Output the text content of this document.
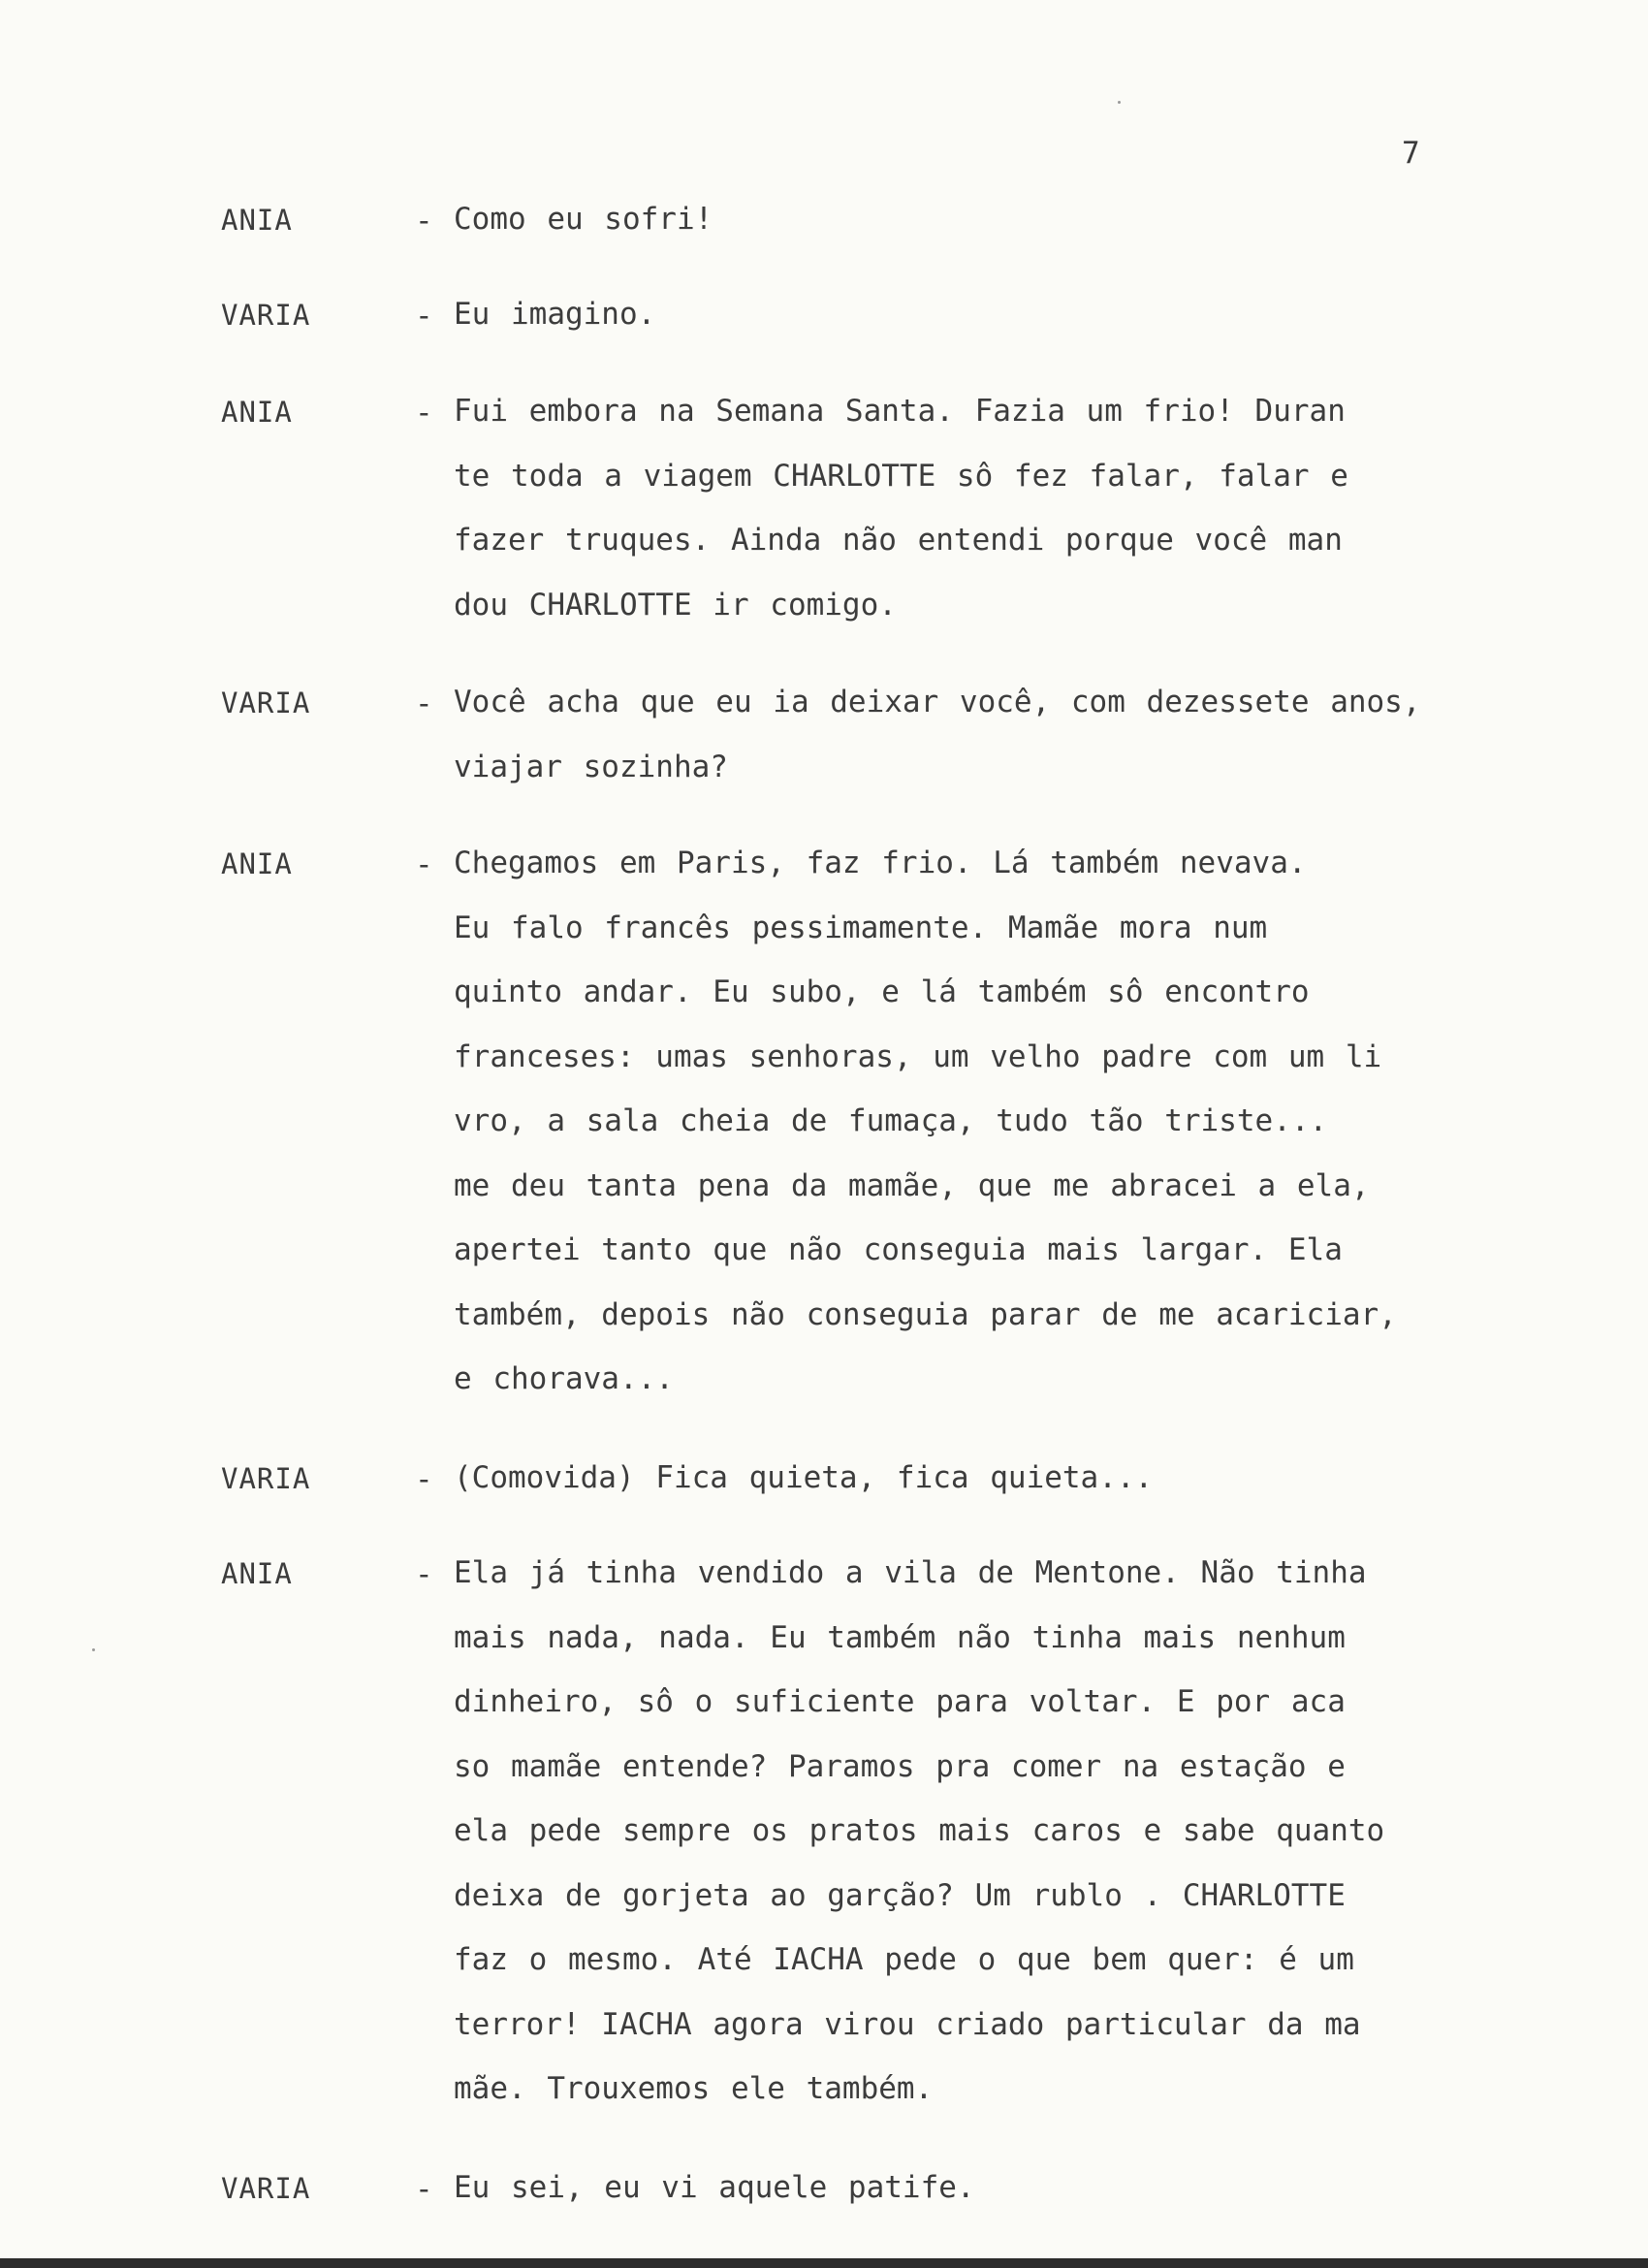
7
ANIA	- Como eu sofri!
VARIA	- Eu imagino.
ANIA	- Fui embora na Semana Santa. Fazia um frio! Duran
te toda a viagem CHARLOTTE sô fez falar, falar e
fazer truques. Ainda não entendi porque você man
dou CHARLOTTE ir comigo.
VARIA	- Você acha que eu ia deixar você, com dezessete anos,
viajar sozinha?
ANIA	- Chegamos em Paris, faz frio. Lá também nevava.
Eu falo francês pessimamente. Mamãe mora num
quinto andar. Eu subo, e lá também sô encontro
franceses: umas senhoras, um velho padre com um li
vro, a sala cheia de fumaça, tudo tão triste...
me deu tanta pena da mamãe, que me abracei a ela,
apertei tanto que não conseguia mais largar. Ela
também, depois não conseguia parar de me acariciar,
e chorava...
VARIA	- (Comovida) Fica quieta, fica quieta...
ANIA	- Ela já tinha vendido a vila de Mentone. Não tinha
mais nada, nada. Eu também não tinha mais nenhum
dinheiro, sô o suficiente para voltar. E por aca
so mamãe entende? Paramos pra comer na estação e
ela pede sempre os pratos mais caros e sabe quanto
deixa de gorjeta ao garção? Um rublo . CHARLOTTE
faz o mesmo. Até IACHA pede o que bem quer: é um
terror! IACHA agora virou criado particular da ma
mãe. Trouxemos ele também.
VARIA	- Eu sei, eu vi aquele patife.
